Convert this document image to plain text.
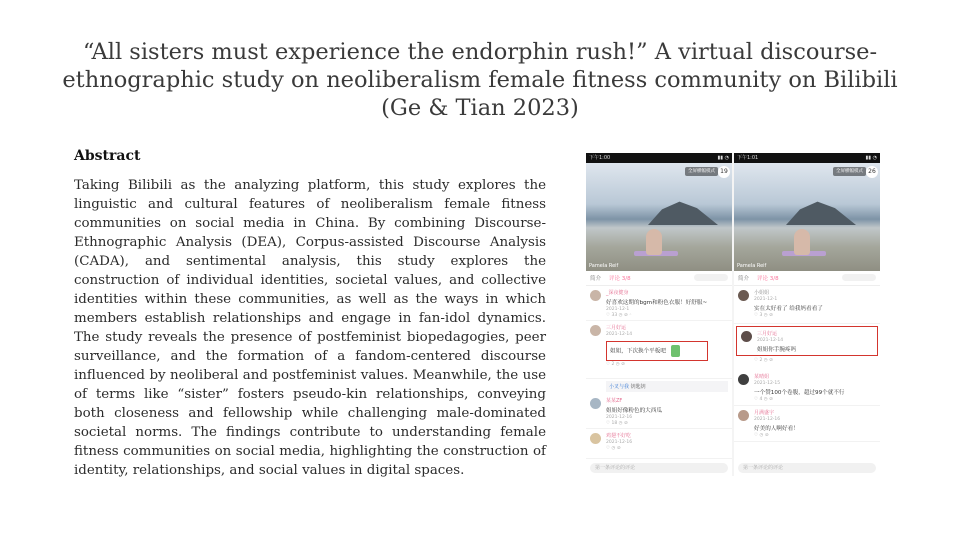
“All sisters must experience the endorphin rush!” A virtual discourse-
ethnographic study on neoliberalism female fitness community on Bilibili
(Ge & Tian 2023)
Abstract
Taking Bilibili as the analyzing platform, this study explores the linguistic and cultural features of neoliberalism female fitness communities on social media in China. By combining Discourse-Ethnographic Analysis (DEA), Corpus-assisted Discourse Analysis (CADA), and sentimental analysis, this study explores the construction of individual identities, societal values, and collective identities within these communities, as well as the ways in which members establish relationships and engage in fan-idol dynamics. The study reveals the presence of postfeminist biopedagogies, peer surveillance, and the formation of a fandom-centered discourse influenced by neoliberal and postfeminist values. Meanwhile, the use of terms like “sister” fosters pseudo-kin relationships, conveying both closeness and fellowship while challenging male-dominated societal norms. The findings contribute to understanding female fitness communities on social media, highlighting the construction of identity, relationships, and social values in digital spaces.
下午1:00	▮▮ ◔
全屏横幅模式 19
Pamela Reif
简介 评论 3/8
_深夜健身
好喜欢这期的bgm和粉色衣服！好舒服~
2021-12-1
♡ 33 ◷ ⊘ ◦
三月好运
2021-12-14
姐姐，下次换个平板吧
♡ 2 ◷ ⊘
小叉与我 钥匙钥
某某ZF
姐姐好像粉色的大西瓜
2021-12-16
♡ 18 ◷ ⊘
鸡翅不好吃
2021-12-16
♡ ◷ ⊘
第一条评论的评论
下午1:01	▮▮ ◔
全屏横幅模式 26
Pamela Reif
简介 评论 3/8
小姐姐
2021-12-1
实在太好看了 给我妈看看了
♡ 3 ◷ ⊘
三月好运
2021-12-14
姐姐你手腕疼吗
♡ 2 ◷ ⊘
某晴姐
2021-12-15
一个赞100个卷腹，超过99个就不行
♡ 4 ◷ ⊘
月满盛宇
2021-12-16
好美的人啊好看！
♡ ◷ ⊘
第一条评论的评论
